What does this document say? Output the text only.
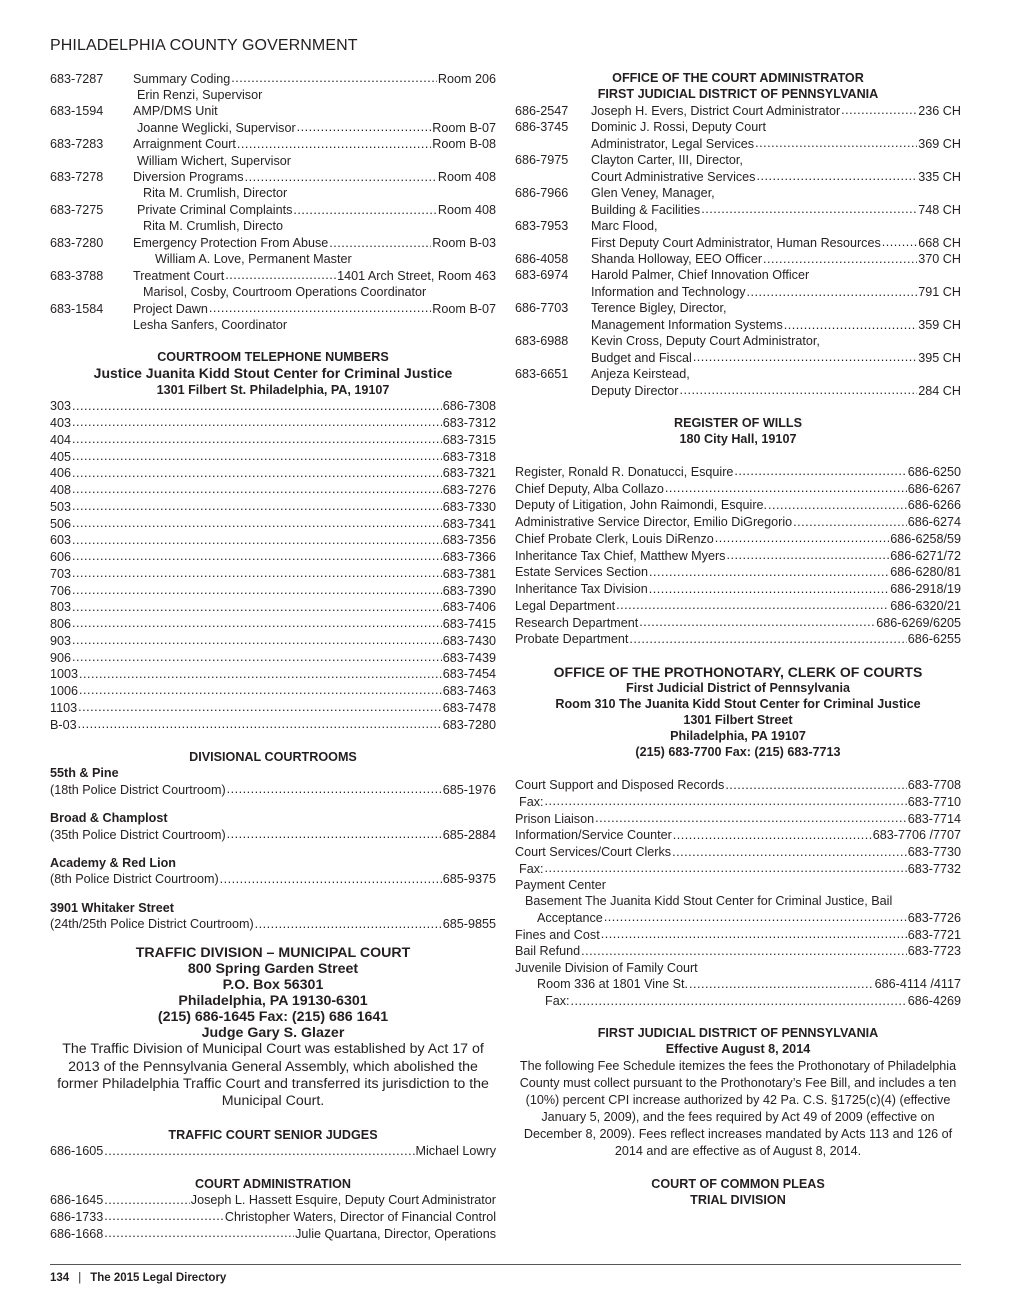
PHILADELPHIA COUNTY GOVERNMENT
683-7287	Summary Coding .....	Room 206
Erin Renzi, Supervisor
683-1594	AMP/DMS Unit
Joanne Weglicki, Supervisor .....	Room B-07
683-7283	Arraignment Court .....	Room B-08
William Wichert, Supervisor
683-7278	Diversion Programs .....	Room 408
Rita M. Crumlish, Director
683-7275	Private Criminal Complaints .....	Room 408
Rita M. Crumlish, Directo
683-7280	Emergency Protection From Abuse .....	Room B-03
William A. Love, Permanent Master
683-3788	Treatment Court .....	1401 Arch Street, Room 463
Marisol, Cosby, Courtroom Operations Coordinator
683-1584	Project Dawn .....	Room B-07
Lesha Sanfers, Coordinator
COURTROOM TELEPHONE NUMBERS
Justice Juanita Kidd Stout Center for Criminal Justice
1301 Filbert St. Philadelphia, PA, 19107
303 .....	686-7308
403 .....	683-7312
404 .....	683-7315
405 .....	683-7318
406 .....	683-7321
408 .....	683-7276
503 .....	683-7330
506 .....	683-7341
603 .....	683-7356
606 .....	683-7366
703 .....	683-7381
706 .....	683-7390
803 .....	683-7406
806 .....	683-7415
903 .....	683-7430
906 .....	683-7439
1003 .....	683-7454
1006 .....	683-7463
1103 .....	683-7478
B-03 .....	683-7280
DIVISIONAL COURTROOMS
55th & Pine
(18th Police District Courtroom) .....	685-1976
Broad & Champlost
(35th Police District Courtroom) .....	685-2884
Academy & Red Lion
(8th Police District Courtroom) .....	685-9375
3901 Whitaker Street
(24th/25th Police District Courtroom) .....	685-9855
TRAFFIC DIVISION – MUNICIPAL COURT
800 Spring Garden Street
P.O. Box 56301
Philadelphia, PA 19130-6301
(215) 686-1645 Fax: (215) 686 1641
Judge Gary S. Glazer
The Traffic Division of Municipal Court was established by Act 17 of 2013 of the Pennsylvania General Assembly, which abolished the former Philadelphia Traffic Court and transferred its jurisdiction to the Municipal Court.
TRAFFIC COURT SENIOR JUDGES
686-1605 .....	Michael Lowry
COURT ADMINISTRATION
686-1645 .....	Joseph L. Hassett Esquire, Deputy Court Administrator
686-1733 .....	Christopher Waters, Director of Financial Control
686-1668 .....	Julie Quartana, Director, Operations
OFFICE OF THE COURT ADMINISTRATOR
FIRST JUDICIAL DISTRICT OF PENNSYLVANIA
686-2547	Joseph H. Evers, District Court Administrator .....	236 CH
686-3745	Dominic J. Rossi, Deputy Court
Administrator, Legal Services .....	369 CH
686-7975	Clayton Carter, III, Director,
Court Administrative Services .....	335 CH
686-7966	Glen Veney, Manager,
Building & Facilities .....	748 CH
683-7953	Marc Flood,
First Deputy Court Administrator, Human Resources .....	668 CH
686-4058	Shanda Holloway, EEO Officer .....	370 CH
683-6974	Harold Palmer, Chief Innovation Officer
Information and Technology .....	791 CH
686-7703	Terence Bigley, Director,
Management Information Systems .....	359 CH
683-6988	Kevin Cross, Deputy Court Administrator,
Budget and Fiscal .....	395 CH
683-6651	Anjeza Keirstead,
Deputy Director .....	284 CH
REGISTER OF WILLS
180 City Hall, 19107
Register, Ronald R. Donatucci, Esquire .....	686-6250
Chief Deputy, Alba Collazo .....	686-6267
Deputy of Litigation, John Raimondi, Esquire. .....	686-6266
Administrative Service Director, Emilio DiGregorio .....	686-6274
Chief Probate Clerk, Louis DiRenzo .....	686-6258/59
Inheritance Tax Chief, Matthew Myers .....	686-6271/72
Estate Services Section .....	686-6280/81
Inheritance Tax Division .....	686-2918/19
Legal Department .....	686-6320/21
Research Department .....	686-6269/6205
Probate Department .....	686-6255
OFFICE OF THE PROTHONOTARY, CLERK OF COURTS
First Judicial District of Pennsylvania
Room 310 The Juanita Kidd Stout Center for Criminal Justice
1301 Filbert Street
Philadelphia, PA 19107
(215) 683-7700 Fax: (215) 683-7713
Court Support and Disposed Records .....	683-7708
Fax: .....	683-7710
Prison Liaison .....	683-7714
Information/Service Counter .....	683-7706 /7707
Court Services/Court Clerks .....	683-7730
Fax: .....	683-7732
Payment Center
Basement The Juanita Kidd Stout Center for Criminal Justice, Bail
Acceptance .....	683-7726
Fines and Cost .....	683-7721
Bail Refund .....	683-7723
Juvenile Division of Family Court
Room 336 at 1801 Vine St. .....	686-4114 /4117
Fax: .....	686-4269
FIRST JUDICIAL DISTRICT OF PENNSYLVANIA
Effective August 8, 2014
The following Fee Schedule itemizes the fees the Prothonotary of Philadelphia County must collect pursuant to the Prothonotary’s Fee Bill, and includes a ten (10%) percent CPI increase authorized by 42 Pa. C.S. §1725(c)(4) (effective January 5, 2009), and the fees required by Act 49 of 2009 (effective on December 8, 2009). Fees reflect increases mandated by Acts 113 and 126 of 2014 and are effective as of August 8, 2014.
COURT OF COMMON PLEAS
TRIAL DIVISION
134 | The 2015 Legal Directory
